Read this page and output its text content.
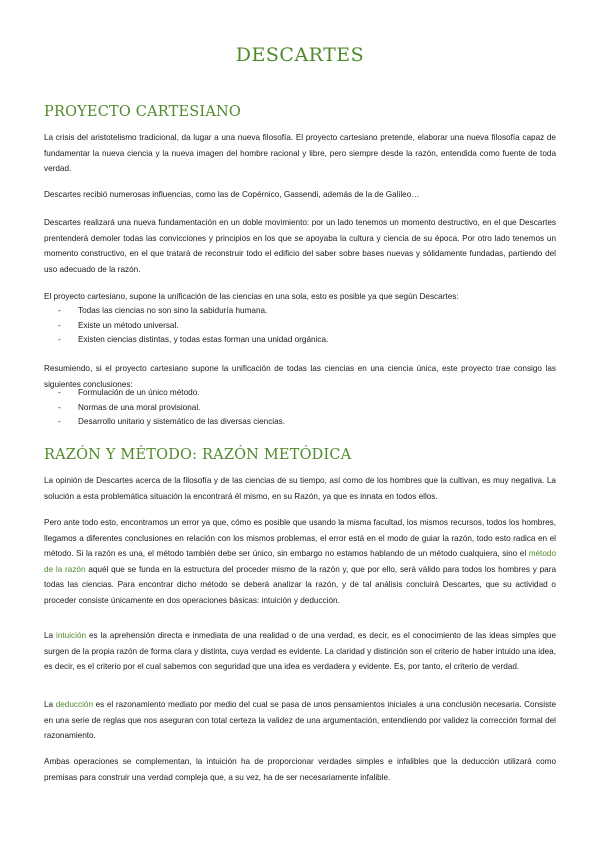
DESCARTES
PROYECTO CARTESIANO

La crisis del aristotelismo tradicional, da lugar a una nueva filosofía. El proyecto cartesiano pretende, elaborar una nueva filosofía capaz de fundamentar la nueva ciencia y la nueva imagen del hombre racional y libre, pero siempre desde la razón, entendida como fuente de toda verdad.

Descartes recibió numerosas influencias, como las de Copérnico, Gassendi, además de la de Galileo…

Descartes realizará una nueva fundamentación en un doble movimiento: por un lado tenemos un momento destructivo, en el que Descartes prentenderá demoler todas las convicciones y principios en los que se apoyaba la cultura y ciencia de su época. Por otro lado tenemos un momento constructivo, en el que tratará de reconstruir todo el edificio del saber sobre bases nuevas y sólidamente fundadas, partiendo del uso adecuado de la razón.

El proyecto cartesiano, supone la unificación de las ciencias en una sola, esto es posible ya que según Descartes:

- Todas las ciencias no son sino la sabiduría humana.
- Existe un método universal.
- Existen ciencias distintas, y todas estas forman una unidad orgánica.

Resumiendo, si el proyecto cartesiano supone la unificación de todas las ciencias en una ciencia única, este proyecto trae consigo las siguientes conclusiones:

- Formulación de un único método.
- Normas de una moral provisional.
- Desarrollo unitario y sistemático de las diversas ciencias.
RAZÓN Y MÉTODO: RAZÓN METÓDICA

La opinión de Descartes acerca de la filosofía y de las ciencias de su tiempo, así como de los hombres que la cultivan, es muy negativa. La solución a esta problemática situación la encontrará él mismo, en su Razón, ya que es innata en todos ellos.

Pero ante todo esto, encontramos un error ya que, cómo es posible que usando la misma facultad, los mismos recursos, todos los hombres, llegamos a diferentes conclusiones en relación con los mismos problemas, el error está en el modo de guiar la razón, todo esto radica en el método. Si la razón es una, el método también debe ser único, sin embargo no estamos hablando de un método cualquiera, sino el método de la razón aquél que se funda en la estructura del proceder mismo de la razón y, que por ello, será válido para todos los hombres y para todas las ciencias. Para encontrar dicho método se deberá analizar la razón, y de tal análisis concluirá Descartes, que su actividad o proceder consiste únicamente en dos operaciones básicas: intuición y deducción.

La intuición es la aprehensión directa e inmediata de una realidad o de una verdad, es decir, es el conocimiento de las ideas simples que surgen de la propia razón de forma clara y distinta, cuya verdad es evidente. La claridad y distinción son el criterio de haber intuido una idea, es decir, es el criterio por el cual sabemos con seguridad que una idea es verdadera y evidente. Es, por tanto, el criterio de verdad.

La deducción es el razonamiento mediato por medio del cual se pasa de unos pensamientos iniciales a una conclusión necesaria. Consiste en una serie de reglas que nos aseguran con total certeza la validez de una argumentación, entendiendo por validez la corrección formal del razonamiento.

Ambas operaciones se complementan, la intuición ha de proporcionar verdades simples e infalibles que la deducción utilizará como premisas para construir una verdad compleja que, a su vez, ha de ser necesariamente infalible.
